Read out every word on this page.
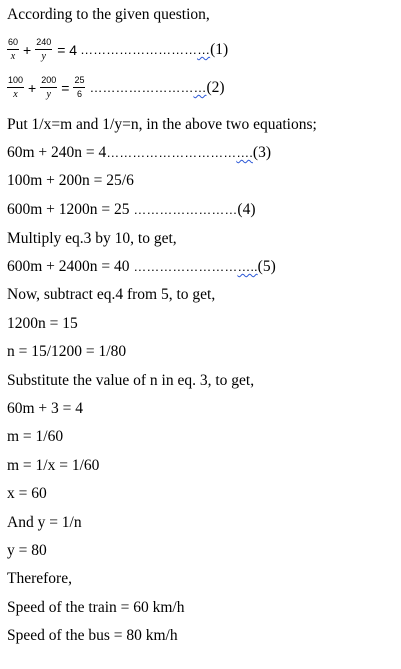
According to the given question,
$\frac{60}{x} + \frac{240}{y} = 4$ ……………………… … (1)
$\frac{100}{x} + \frac{200}{y} = \frac{25}{6}$ …………………… … (2)
Put 1/x=m and 1/y=n, in the above two equations;
60m + 240n = 4…………………………….(3)
100m + 200n = 25/6
600m + 1200n = 25 ……………………(4)
Multiply eq.3 by 10, to get,
600m + 2400n = 40 ………………………..(5)
Now, subtract eq.4 from 5, to get,
1200n = 15
n = 15/1200 = 1/80
Substitute the value of n in eq. 3, to get,
60m + 3 = 4
m = 1/60
m = 1/x = 1/60
x = 60
And y = 1/n
y = 80
Therefore,
Speed of the train = 60 km/h
Speed of the bus = 80 km/h
